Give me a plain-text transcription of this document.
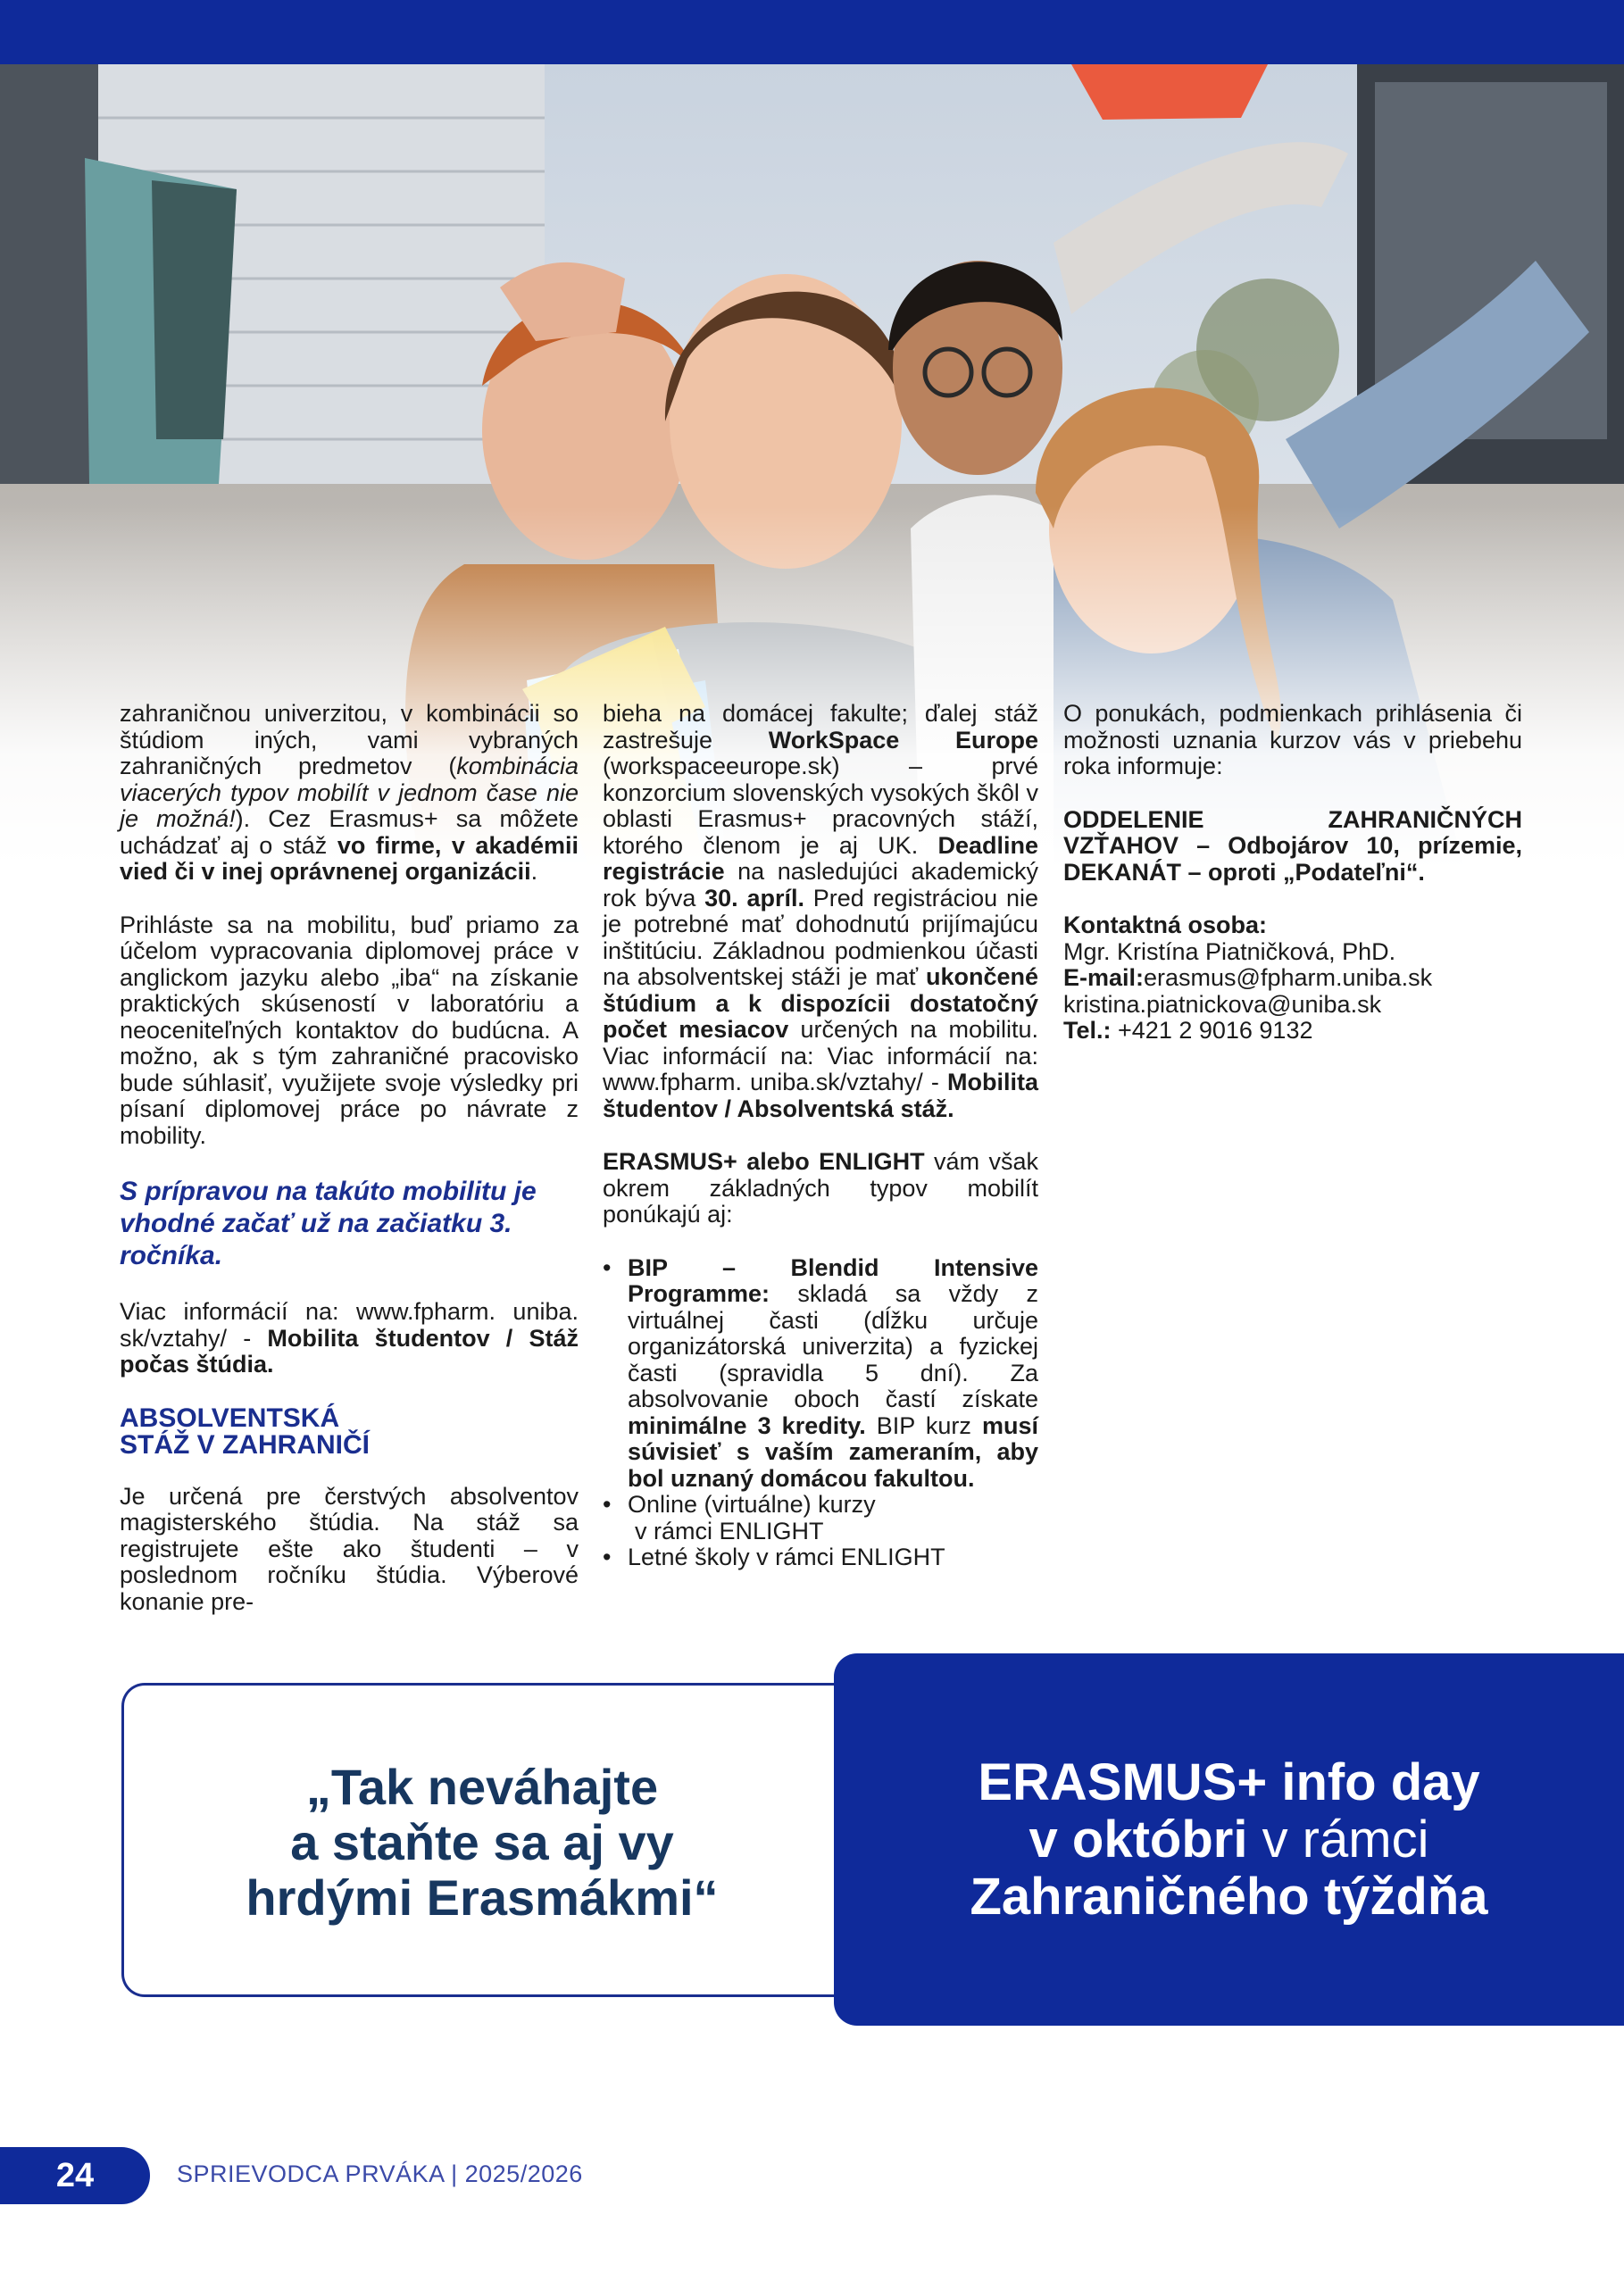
zahraničnou univerzitou, v kombinácii so štúdiom iných, vami vybraných zahraničných predmetov (kombinácia viacerých typov mobilít v jednom čase nie je možná!). Cez Erasmus+ sa môžete uchádzať aj o stáž vo firme, v akadémii vied či v inej oprávnenej organizácii.

Prihláste sa na mobilitu, buď priamo za účelom vypracovania diplomovej práce v anglickom jazyku alebo „iba“ na získanie praktických skúseností v laboratóriu a neoceniteľných kontaktov do budúcna. A možno, ak s tým zahraničné pracovisko bude súhlasiť, využijete svoje výsledky pri písaní diplomovej práce po návrate z mobility.

S prípravou na takúto mobilitu je vhodné začať už na začiatku 3. ročníka.

Viac informácií na: www.fpharm. uniba. sk/vztahy/ - Mobilita študentov / Stáž počas štúdia.

ABSOLVENTSKÁ
STÁŽ V ZAHRANIČÍ

Je určená pre čerstvých absolventov magisterského štúdia. Na stáž sa registrujete ešte ako študenti – v poslednom ročníku štúdia. Výberové konanie pre-

bieha na domácej fakulte; ďalej stáž zastrešuje WorkSpace Europe (workspaceeurope.sk) – prvé konzorcium slovenských vysokých škôl v oblasti Erasmus+ pracovných stáží, ktorého členom je aj UK. Deadline registrácie na nasledujúci akademický rok býva 30. apríl. Pred registráciou nie je potrebné mať dohodnutú prijímajúcu inštitúciu. Základnou podmienkou účasti na absolventskej stáži je mať ukončené štúdium a k dispozícii dostatočný počet mesiacov určených na mobilitu. Viac informácií na: Viac informácií na: www.fpharm. uniba.sk/vztahy/ - Mobilita študentov / Absolventská stáž.

ERASMUS+ alebo ENLIGHT vám však okrem základných typov mobilít ponúkajú aj:

• BIP – Blendid Intensive Programme: skladá sa vždy z virtuálnej časti (dĺžku určuje organizátorská univerzita) a fyzickej časti (spravidla 5 dní). Za absolvovanie oboch častí získate minimálne 3 kredity. BIP kurz musí súvisieť s vaším zameraním, aby bol uznaný domácou fakultou.
• Online (virtuálne) kurzy
v rámci ENLIGHT
• Letné školy v rámci ENLIGHT

O ponukách, podmienkach prihlásenia či možnosti uznania kurzov vás v priebehu roka informuje:

ODDELENIE ZAHRANIČNÝCH VZŤAHOV – Odbojárov 10, prízemie, DEKANÁT – oproti „Podateľni“.

Kontaktná osoba:
Mgr. Kristína Piatničková, PhD.
E-mail:erasmus@fpharm.uniba.sk
kristina.piatnickova@uniba.sk
Tel.: +421 2 9016 9132
„Tak neváhajte
a staňte sa aj vy
hrdými Erasmákmi“
ERASMUS+ info day
v októbri v rámci
Zahraničného týždňa
24	SPRIEVODCA PRVÁKA | 2025/2026
